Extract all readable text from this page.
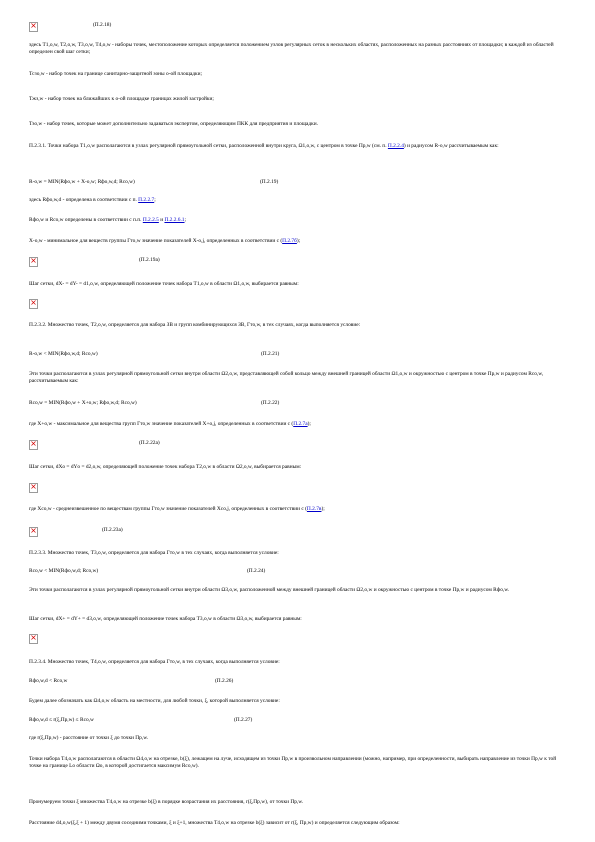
×
(П.2.18)

здесь Т1,о,w, Т2,о,w, Т3,о,w, Т4,о,w - наборы точек, местоположение которых определяется положением узлов регулярных сеток в нескольких областях, расположенных на разных расстояниях от площадки; в каждой из областей определен свой шаг сетки;

Тсзо,w - набор точек на границе санитарно-защитной зоны о-ой площадки;

Тжз,w - набор точек на ближайших к о-ой площадке границах жилой застройки;

Тзо,w - набор точек, которые может дополнительно задаваться экспертом, определяющим ПКК для предприятия и площадки.

П.2.3.1. Точки набора Т1,о,w располагаются в узлах регулярной прямоугольной сетки, расположенной внутри круга, Ω1,о,w, с центром в точке Пр,w (см. п. П.2.2.4) и радиусом R-о,w рассчитываемым как:

R-о,w = MIN(Rфо,w + X-о,w; Rфо,w,d; Rсо,w)	(П.2.19)

здесь Rфо,w,d - определена в соответствии с п. П.2.2.7;

Rфо,w и Rсо,w определены в соответствии с п.п. П.2.2.5 и П.2.2.6.1;

X-о,w - минимальное для веществ группы Гто,w значение показателей X-о,j, определенных в соответствии с (П.2.7б);

×
(П.2.19а)

Шаг сетки, dX- = dY- = d1,о,w, определяющей положение точек набора Т1,о,w в области Ω1,о,w, выбирается равным:

×

П.2.3.2. Множество точек, Т2,о,w, определяется для набора ЗВ и групп комбинирующихся ЗВ, Гто,w, в тех случаях, когда выполняется условие:

R-о,w < MIN(Rфо,w,d; Rсо,w)	(П.2.21)

Эти точки располагаются в узлах регулярной прямоугольной сетки внутри области Ω2,о,w, представляющей собой кольцо между внешней границей области Ω1,о,w и окружностью с центром в точке Пр,w и радиусом Rсо,w, рассчитываемым как:

Rсо,w = MIN(Rфо,w + X+о,w; Rфо,w,d; Rсо,w)	(П.2.22)

где X+о,w - максимальное для вещества групп Гто,w значение показателей X+о,j, определенных в соответствии с (П.2.7а);

×
(П.2.22а)

Шаг сетки, dXо = dYо = d2,о,w, определяющей положение точек набора Т2,о,w в области Ω2,о,w, выбирается равным:

×

где Хсо,w - среднеизвешенное по веществам группы Гто,w значение показателей Хсо,j, определенных в соответствии с (П.2.7в);

×
(П.2.23а)

П.2.3.3. Множество точек, Т3,о,w, определяется для набора Гто,w в тех случаях, когда выполняется условие:

Rсо,w < MIN(Rфо,w,d; Rсо,w)	(П.2.24)

Эти точки располагаются в узлах регулярной прямоугольной сетки внутри области Ω3,о,w, расположенной между внешней границей области Ω2,о,w и окружностью с центром в точке Пр,w и радиусом Rфо,w.

Шаг сетки, dX+ = dY+ = d3,о,w, определяющей положение точек набора Т3,о,w в области Ω3,о,w, выбирается равным:

×

П.2.3.4. Множество точек, Т4,о,w, определяется для набора Гто,w, в тех случаях, когда выполняется условие:

Rфо,w,d < Rсо,w	(П.2.26)

Будем далее обозначать как Ω4,о,w область на местности, для любой точки, ξ, которой выполняется условие:

Rфо,w,d ≤ r(ξ,Пр,w) ≤ Rсо,w	(П.2.27)

где r(ξ,Пр,w) - расстояние от точки ξ до точки Пр,w.

Точки набора Т4,о,w располагаются в области Ω4,о,w на отрезке, b(ξ), лежащем на луче, исходящем из точки Пр,w в произвольном направлении (можно, например, при определенности, выбирать направление из точки Пр,w к той точке на границе Lo области Ωo, в которой достигается максимум Rсо,w).

Пронумеруем точки ξ множества Т4,о,w на отрезке b(ξ) в порядке возрастания их расстояния, r(ξ,Пр,w), от точки Пр,w.

Расстояние d4,о,w(ξ,ξ + 1) между двумя соседними точками, ξ и ξ+1, множества Т4,о,w на отрезке b(ξ) зависит от r(ξ, Пр,w) и определяется следующим образом:
